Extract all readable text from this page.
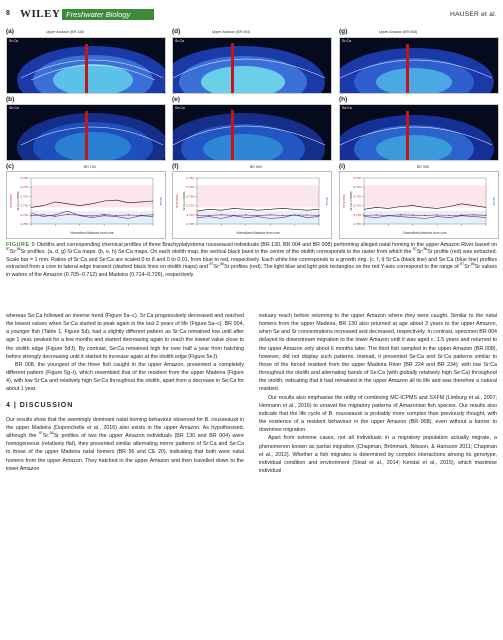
8 WILEY Freshwater Biology	HAUSER et al.
(a)	Upper Amazon (BR 130)
Sr:Ca
(b)
Se:Ca
(c)	BR 130
0.705
0.710
0.715
0.720
0.725
0.730
Normalized distance from core
87Sr:86Sr Sr:Ca (×1000)	Se:Ca
(d)	Upper Amazon (BR 004)
Sr:Ca
(e)
Se:Ca
(f)	BR 004
0.705
0.710
0.715
0.720
0.725
0.730
Normalized distance from core
87Sr:86Sr Sr:Ca (×1000)	Se:Ca
(g)	Upper Amazon (BR 008)
Sr:Ca
(h)
Se:Ca
(i)	BR 008
0.705
0.710
0.715
0.720
0.725
0.730
Normalized distance from core
87Sr:86Sr Sr:Ca (×1000)	Se:Ca
FIGURE 5 Otoliths and corresponding chemical profiles of three Brachyplatystoma rousseauxii individuals (BR 130, BR 004 and BR 008) performing alleged natal homing in the upper Amazon River based on $^{87}$Sr:$^{86}$Sr profiles. (a, d, g) Sr:Ca maps. (b, e, h) Se:Ca maps. On each otolith map, the vertical black band in the centre of the otolith corresponds to the raster from which the $^{87}$Sr:$^{86}$Sr profile (red) was extracted. Scale bar = 1 mm. Ratios of Sr:Ca and Se:Ca are scaled 0 to 8 and 0 to 0.01, from blue to red, respectively. Each white line corresponds to a growth ring. (c, f, i) Sr:Ca (black line) and Se:Ca (blue line) profiles extracted from a core to lateral edge transect (dashed black lines on otolith maps) and $^{87}$Sr:$^{86}$Sr profiles (red). The light blue and light pink rectangles on the red Y-axis correspond to the range of $^{87}$Sr:$^{86}$Sr values in waters of the Amazon (0.705–0.712) and Madeira (0.714–0.726), respectively

whereas Se:Ca followed an inverse trend (Figure 5a–c). Sr:Ca progressively decreased and reached the lowest values when Se:Ca started to peak again in the last 2 years of life (Figure 5a–c). BR 004, a younger fish (Table 1, Figure 5d), had a slightly different pattern as Sr:Ca remained low until after age 1 year, peaked for a few months and started decreasing again to reach the lowest value close to the otolith edge (Figure 5d,f). By contrast, Se:Ca remained high for over half a year from hatching before strongly decreasing until it started to increase again at the otolith edge (Figure 5e,f).

BR 008, the youngest of the three fish caught in the upper Amazon, presented a completely different pattern (Figure 5g–i), which resembled that of the resident from the upper Madeira (Figure 4), with low Sr:Ca and relatively high Se:Ca throughout the otolith, apart from a decrease in Se:Ca for about 1 year.

4 | DISCUSSION

Our results show that the seemingly dominant natal homing behaviour observed for B. rousseauxii in the upper Madeira (Duponchelle et al., 2016) also exists in the upper Amazon. As hypothesised, although the $^{87}$Sr:$^{86}$Sr profiles of two the upper Amazon individuals (BR 130 and BR 004) were homogeneous (relatively flat), they presented similar alternating mirror patterns of Sr:Ca and Se:Ca to those of the upper Madeira natal homers (BR 56 and CE 20), indicating that both were natal homers from the upper Amazon. They hatched in the upper Amazon and then travelled down to the lower Amazon

estuary reach before returning to the upper Amazon where they were caught. Similar to the natal homers from the upper Madeira, BR 130 also returned at age about 3 years to the upper Amazon, when Se and Sr concentrations increased and decreased, respectively. In contrast, specimen BR 004 delayed its downstream migration to the lower Amazon until it was aged c. 1.5 years and returned to the upper Amazon only about 6 months later. The third fish sampled in the upper Amazon (BR 008), however, did not display such patterns. Instead, it presented Se:Ca and Sr:Ca patterns similar to those of the forced resident from the upper Madeira River (BR 224 and BR 234): with low Sr:Ca throughout the otolith and alternating bands of Se:Ca (with globally relatively high Se:Ca) throughout the otolith, indicating that it had remained in the upper Amazon all its life and was therefore a natural resident.

Our results also emphasise the utility of combining MC-ICPMS and SXFM (Limburg et al., 2007; Hermann et al., 2016) to unravel the migratory patterns of Amazonian fish species. Our results also indicate that the life cycle of B. rousseauxii is probably more complex than previously thought, with the existence of a resident behaviour in the upper Amazon (BR 008), even without a barrier to downriver migration.

Apart from extreme cases, not all individuals in a migratory population actually migrate, a phenomenon known as partial migration (Chapman, Brönmark, Nilsson, & Hansson 2011; Chapman et al., 2012). Whether a fish migrates is determined by complex interactions among its genotype, individual condition and environment (Sloat et al., 2014; Kendal et al., 2015), which maximise individual
